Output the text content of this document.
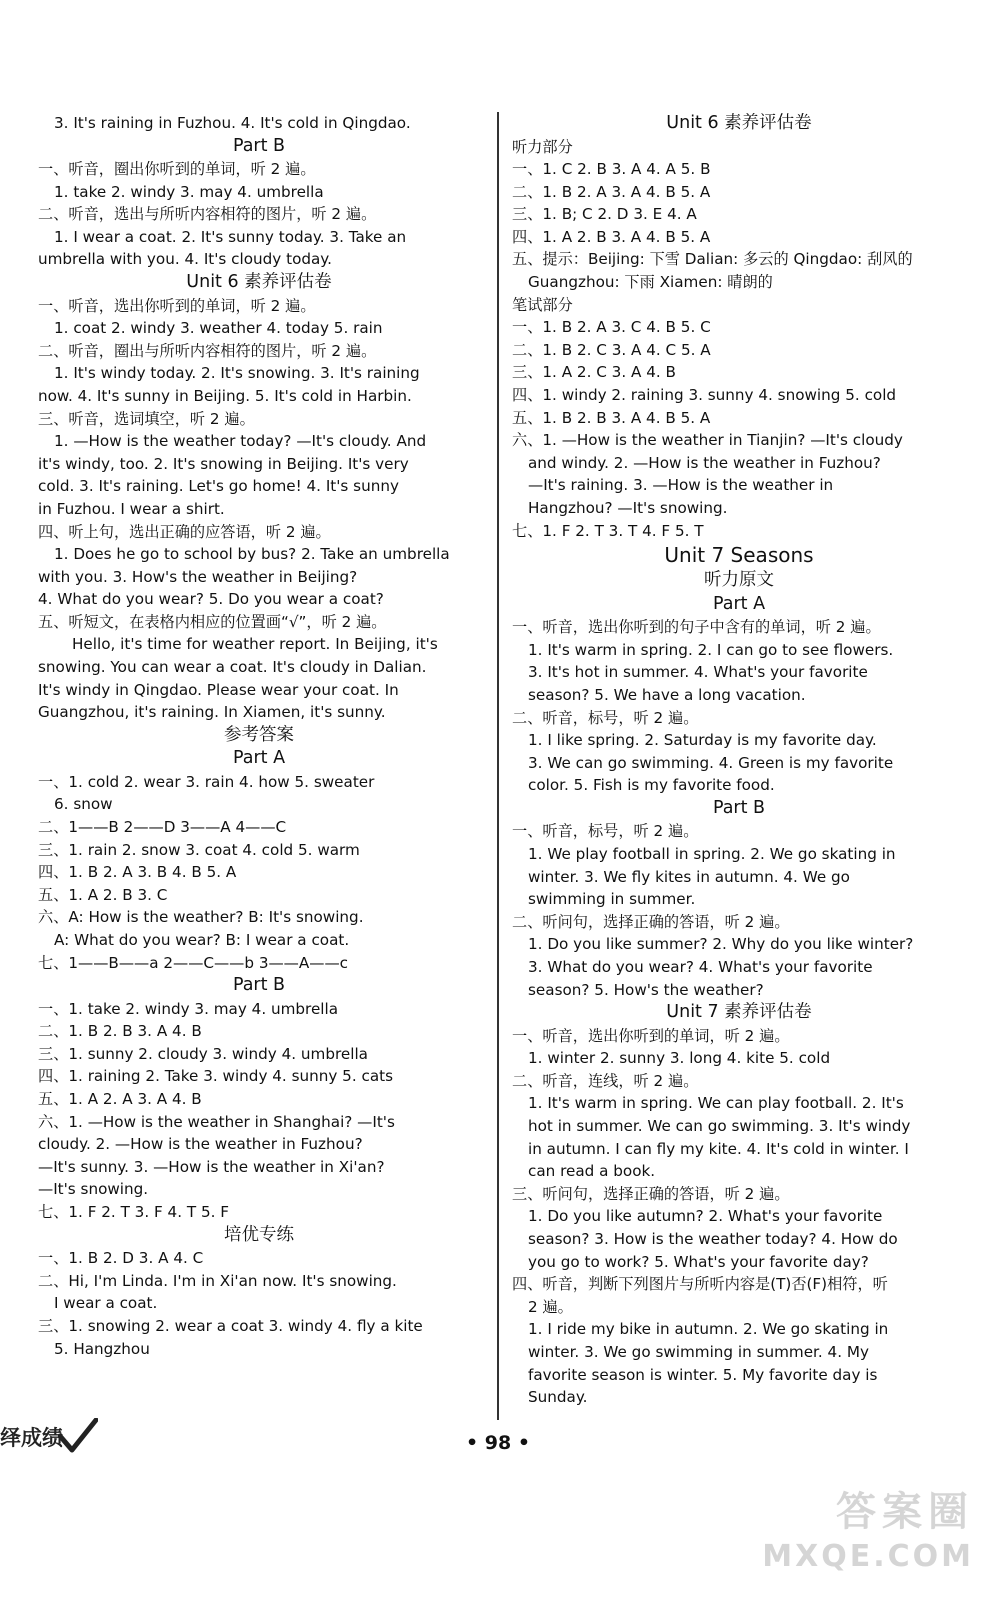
3. It's raining in Fuzhou. 4. It's cold in Qingdao.
Part B
一、听音，圈出你听到的单词，听 2 遍。
1. take 2. windy 3. may 4. umbrella
二、听音，选出与所听内容相符的图片，听 2 遍。
1. I wear a coat. 2. It's sunny today. 3. Take an
umbrella with you. 4. It's cloudy today.
Unit 6 素养评估卷
一、听音，选出你听到的单词，听 2 遍。
1. coat 2. windy 3. weather 4. today 5. rain
二、听音，圈出与所听内容相符的图片，听 2 遍。
1. It's windy today. 2. It's snowing. 3. It's raining
now. 4. It's sunny in Beijing. 5. It's cold in Harbin.
三、听音，选词填空，听 2 遍。
1. —How is the weather today? —It's cloudy. And
it's windy, too. 2. It's snowing in Beijing. It's very
cold. 3. It's raining. Let's go home! 4. It's sunny
in Fuzhou. I wear a shirt.
四、听上句，选出正确的应答语，听 2 遍。
1. Does he go to school by bus? 2. Take an umbrella
with you. 3. How's the weather in Beijing?
4. What do you wear? 5. Do you wear a coat?
五、听短文，在表格内相应的位置画“√”，听 2 遍。
Hello, it's time for weather report. In Beijing, it's
snowing. You can wear a coat. It's cloudy in Dalian.
It's windy in Qingdao. Please wear your coat. In
Guangzhou, it's raining. In Xiamen, it's sunny.
参考答案
Part A
一、1. cold 2. wear 3. rain 4. how 5. sweater
6. snow
二、1——B 2——D 3——A 4——C
三、1. rain 2. snow 3. coat 4. cold 5. warm
四、1. B 2. A 3. B 4. B 5. A
五、1. A 2. B 3. C
六、A: How is the weather? B: It's snowing.
A: What do you wear? B: I wear a coat.
七、1——B——a 2——C——b 3——A——c
Part B
一、1. take 2. windy 3. may 4. umbrella
二、1. B 2. B 3. A 4. B
三、1. sunny 2. cloudy 3. windy 4. umbrella
四、1. raining 2. Take 3. windy 4. sunny 5. cats
五、1. A 2. A 3. A 4. B
六、1. —How is the weather in Shanghai? —It's
cloudy. 2. —How is the weather in Fuzhou?
—It's sunny. 3. —How is the weather in Xi'an?
—It's snowing.
七、1. F 2. T 3. F 4. T 5. F
培优专练
一、1. B 2. D 3. A 4. C
二、Hi, I'm Linda. I'm in Xi'an now. It's snowing.
I wear a coat.
三、1. snowing 2. wear a coat 3. windy 4. fly a kite
5. Hangzhou
Unit 6 素养评估卷
听力部分
一、1. C 2. B 3. A 4. A 5. B
二、1. B 2. A 3. A 4. B 5. A
三、1. B; C 2. D 3. E 4. A
四、1. A 2. B 3. A 4. B 5. A
五、提示：Beijing: 下雪 Dalian: 多云的 Qingdao: 刮风的
Guangzhou: 下雨 Xiamen: 晴朗的
笔试部分
一、1. B 2. A 3. C 4. B 5. C
二、1. B 2. C 3. A 4. C 5. A
三、1. A 2. C 3. A 4. B
四、1. windy 2. raining 3. sunny 4. snowing 5. cold
五、1. B 2. B 3. A 4. B 5. A
六、1. —How is the weather in Tianjin? —It's cloudy
and windy. 2. —How is the weather in Fuzhou?
—It's raining. 3. —How is the weather in
Hangzhou? —It's snowing.
七、1. F 2. T 3. T 4. F 5. T
Unit 7 Seasons
听力原文
Part A
一、听音，选出你听到的句子中含有的单词，听 2 遍。
1. It's warm in spring. 2. I can go to see flowers.
3. It's hot in summer. 4. What's your favorite
season? 5. We have a long vacation.
二、听音，标号，听 2 遍。
1. I like spring. 2. Saturday is my favorite day.
3. We can go swimming. 4. Green is my favorite
color. 5. Fish is my favorite food.
Part B
一、听音，标号，听 2 遍。
1. We play football in spring. 2. We go skating in
winter. 3. We fly kites in autumn. 4. We go
swimming in summer.
二、听问句，选择正确的答语，听 2 遍。
1. Do you like summer? 2. Why do you like winter?
3. What do you wear? 4. What's your favorite
season? 5. How's the weather?
Unit 7 素养评估卷
一、听音，选出你听到的单词，听 2 遍。
1. winter 2. sunny 3. long 4. kite 5. cold
二、听音，连线，听 2 遍。
1. It's warm in spring. We can play football. 2. It's
hot in summer. We can go swimming. 3. It's windy
in autumn. I can fly my kite. 4. It's cold in winter. I
can read a book.
三、听问句，选择正确的答语，听 2 遍。
1. Do you like autumn? 2. What's your favorite
season? 3. How is the weather today? 4. How do
you go to work? 5. What's your favorite day?
四、听音，判断下列图片与所听内容是(T)否(F)相符，听
2 遍。
1. I ride my bike in autumn. 2. We go skating in
winter. 3. We go swimming in summer. 4. My
favorite season is winter. 5. My favorite day is
Sunday.
绎成绩	• 98 •
答案圈
MXQE.COM
